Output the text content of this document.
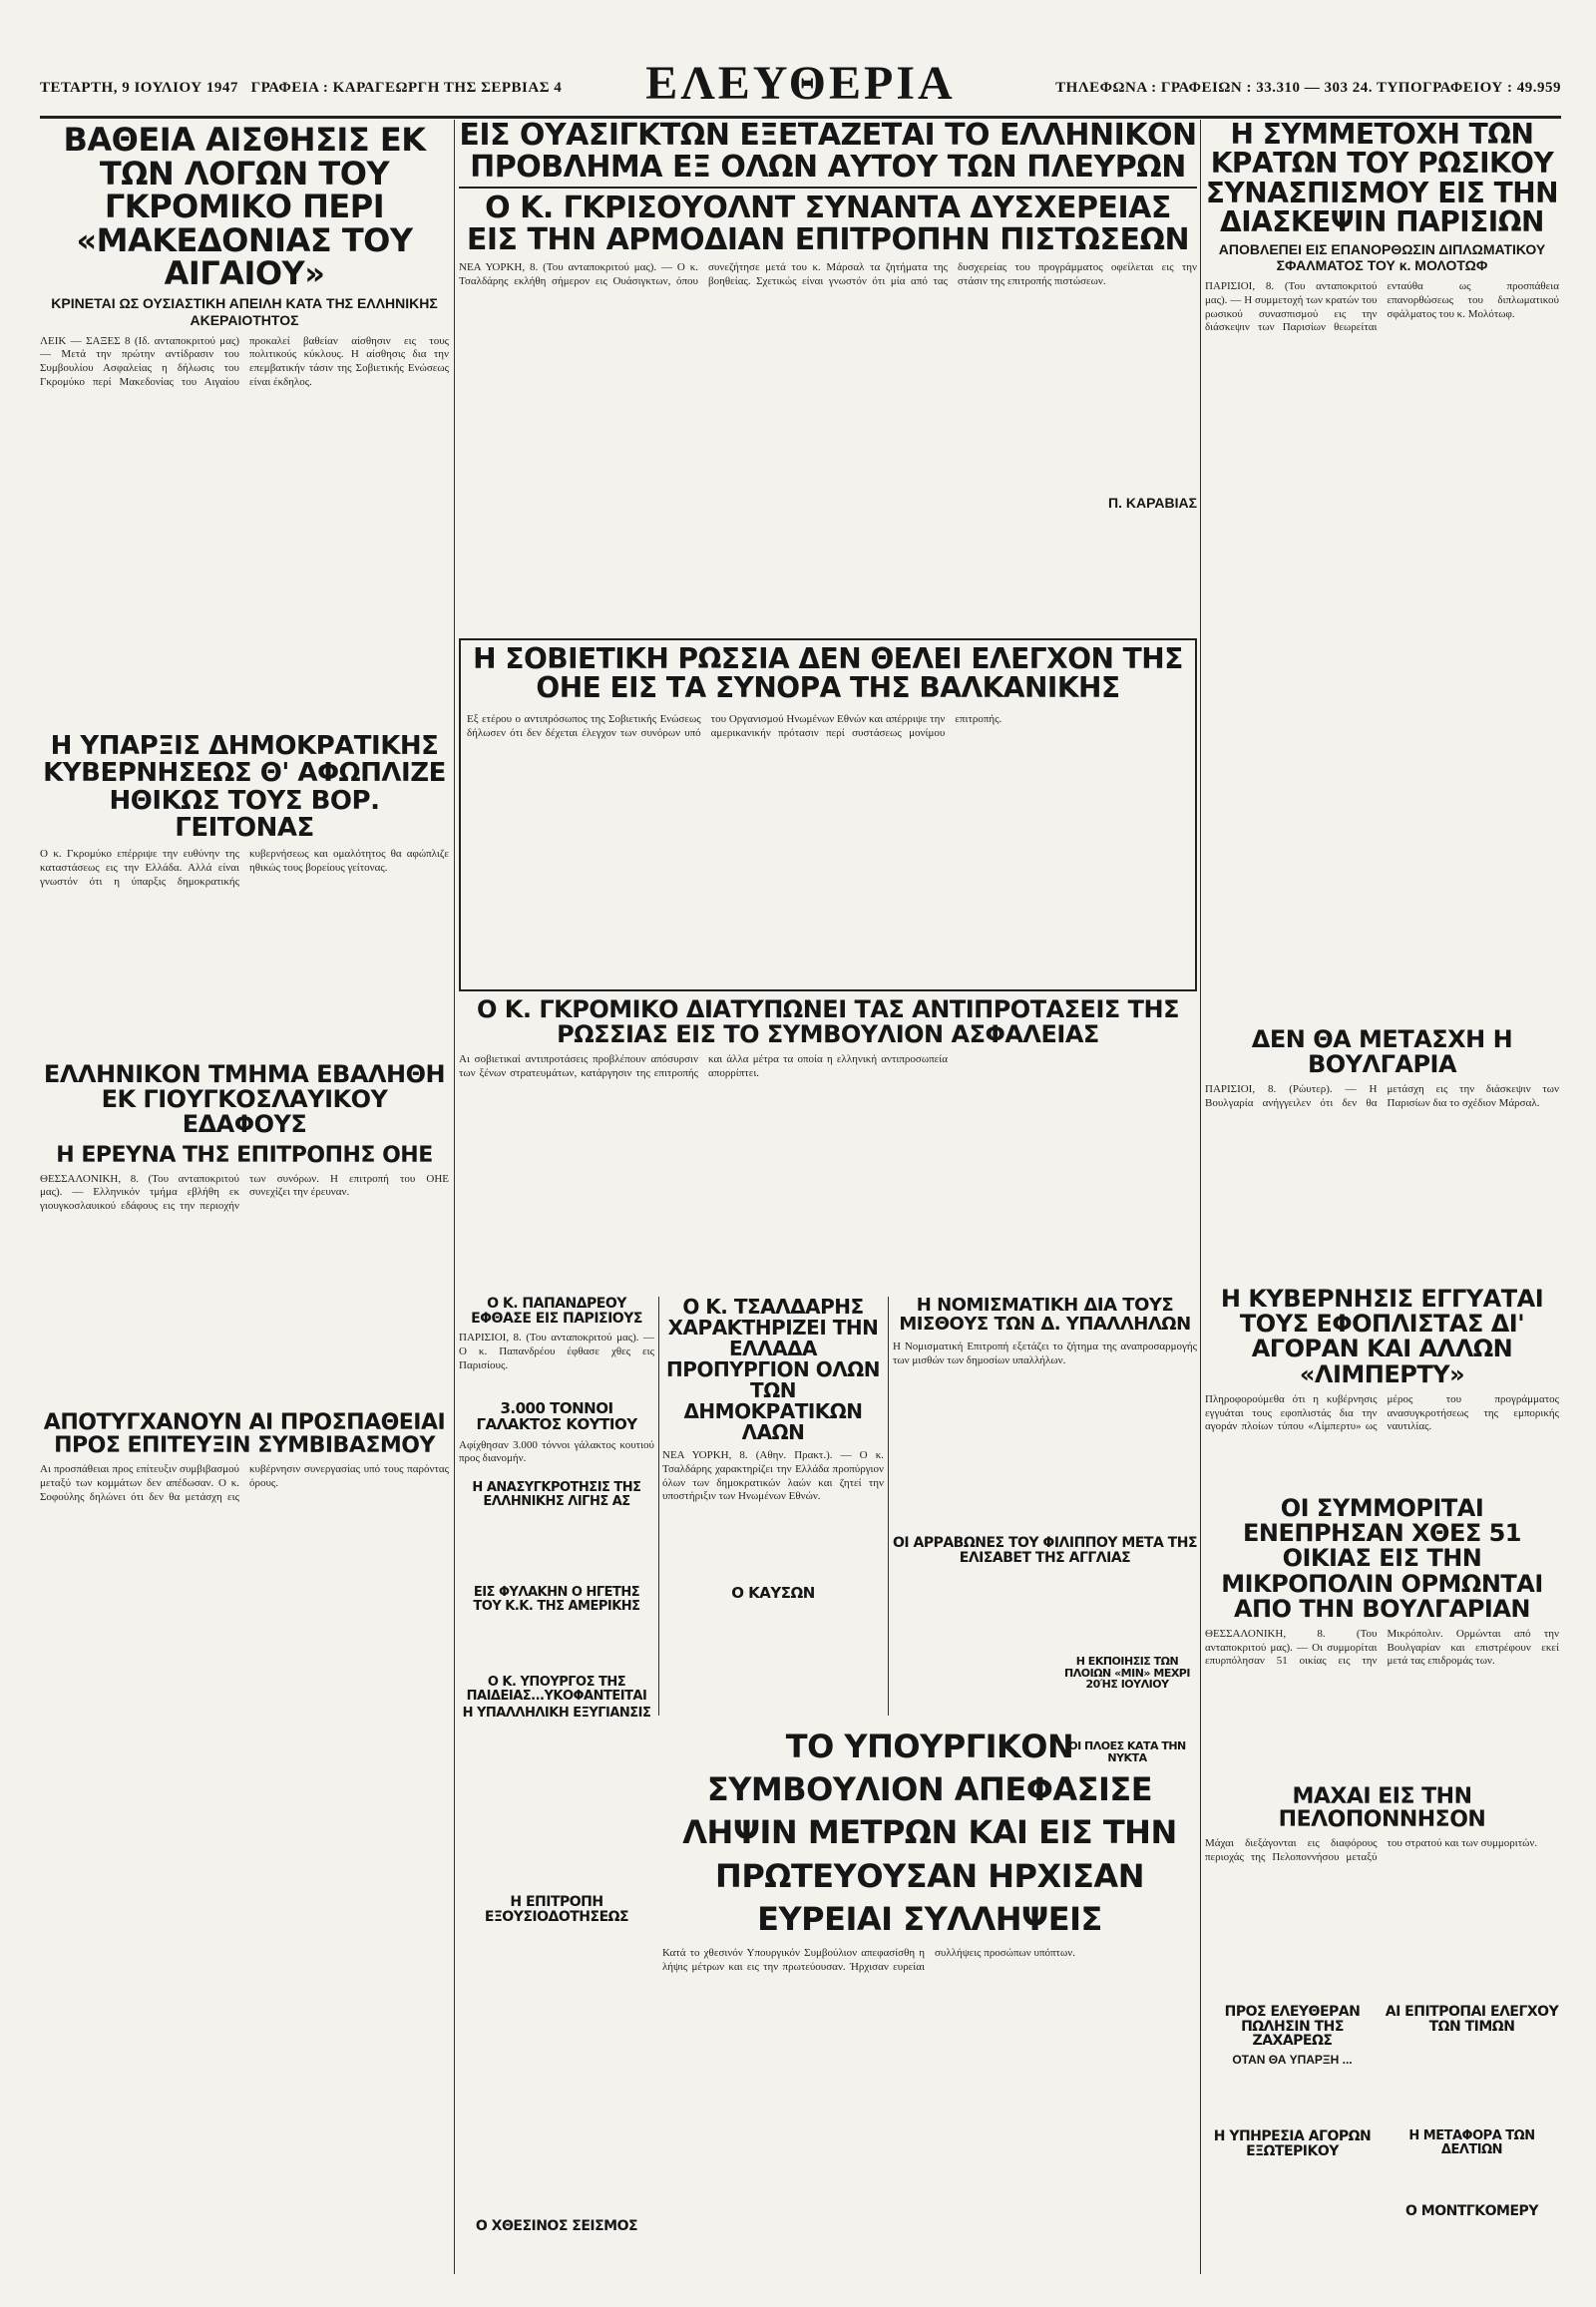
ΤΕΤΑΡΤΗ, 9 ΙΟΥΛΙΟΥ 1947 ΓΡΑΦΕΙΑ : ΚΑΡΑΓΕΩΡΓΗ ΤΗΣ ΣΕΡΒΙΑΣ 4	ΕΛΕΥΘΕΡΙΑ	ΤΗΛΕΦΩΝΑ : ΓΡΑΦΕΙΩΝ : 33.310 — 303 24. ΤΥΠΟΓΡΑΦΕΙΟΥ : 49.959
ΒΑΘΕΙΑ ΑΙΣΘΗΣΙΣ ΕΚ ΤΩΝ ΛΟΓΩΝ ΤΟΥ ΓΚΡΟΜΙΚΟ ΠΕΡΙ «ΜΑΚΕΔΟΝΙΑΣ ΤΟΥ ΑΙΓΑΙΟΥ»
ΚΡΙΝΕΤΑΙ ΩΣ ΟΥΣΙΑΣΤΙΚΗ ΑΠΕΙΛΗ ΚΑΤΑ ΤΗΣ ΕΛΛΗΝΙΚΗΣ ΑΚΕΡΑΙΟΤΗΤΟΣ

ΛΕΙΚ — ΣΑΞΕΣ 8 (Ιδ. ανταποκριτού μας) — Μετά την πρώτην αντίδρασιν του Συμβουλίου Ασφαλείας η δήλωσις του Γκρομύκο περί Μακεδονίας του Αιγαίου προκαλεί βαθείαν αίσθησιν εις τους πολιτικούς κύκλους. Η αίσθησις δια την επεμβατικήν τάσιν της Σοβιετικής Ενώσεως είναι έκδηλος.

ΕΙΣ ΟΥΑΣΙΓΚΤΩΝ ΕΞΕΤΑΖΕΤΑΙ ΤΟ ΕΛΛΗΝΙΚΟΝ
ΠΡΟΒΛΗΜΑ ΕΞ ΟΛΩΝ ΑΥΤΟΥ ΤΩΝ ΠΛΕΥΡΩΝ
Ο Κ. ΓΚΡΙΣΟΥΟΛΝΤ ΣΥΝΑΝΤΑ ΔΥΣΧΕΡΕΙΑΣ
ΕΙΣ ΤΗΝ ΑΡΜΟΔΙΑΝ ΕΠΙΤΡΟΠΗΝ ΠΙΣΤΩΣΕΩΝ

ΝΕΑ ΥΟΡΚΗ, 8. (Του ανταποκριτού μας). — Ο κ. Τσαλδάρης εκλήθη σήμερον εις Ουάσιγκτων, όπου συνεζήτησε μετά του κ. Μάρσαλ τα ζητήματα της βοηθείας. Σχετικώς είναι γνωστόν ότι μία από τας δυσχερείας του προγράμματος οφείλεται εις την στάσιν της επιτροπής πιστώσεων.

Π. ΚΑΡΑΒΙΑΣ
Η ΣΥΜΜΕΤΟΧΗ ΤΩΝ ΚΡΑΤΩΝ ΤΟΥ ΡΩΣΙΚΟΥ ΣΥΝΑΣΠΙΣΜΟΥ ΕΙΣ ΤΗΝ ΔΙΑΣΚΕΨΙΝ ΠΑΡΙΣΙΩΝ
ΑΠΟΒΛΕΠΕΙ ΕΙΣ ΕΠΑΝΟΡΘΩΣΙΝ ΔΙΠΛΩΜΑΤΙΚΟΥ ΣΦΑΛΜΑΤΟΣ ΤΟΥ κ. ΜΟΛΟΤΩΦ

ΠΑΡΙΣΙΟΙ, 8. (Του ανταποκριτού μας). — Η συμμετοχή των κρατών του ρωσικού συνασπισμού εις την διάσκεψιν των Παρισίων θεωρείται ενταύθα ως προσπάθεια επανορθώσεως του διπλωματικού σφάλματος του κ. Μολότωφ.

Η ΥΠΑΡΞΙΣ ΔΗΜΟΚΡΑΤΙΚΗΣ ΚΥΒΕΡΝΗΣΕΩΣ Θ' ΑΦΩΠΛΙΖΕ ΗΘΙΚΩΣ ΤΟΥΣ ΒΟΡ. ΓΕΙΤΟΝΑΣ

Ο κ. Γκρομύκο επέρριψε την ευθύνην της καταστάσεως εις την Ελλάδα. Αλλά είναι γνωστόν ότι η ύπαρξις δημοκρατικής κυβερνήσεως και ομαλότητος θα αφώπλιζε ηθικώς τους βορείους γείτονας.

Η ΣΟΒΙΕΤΙΚΗ ΡΩΣΣΙΑ ΔΕΝ ΘΕΛΕΙ ΕΛΕΓΧΟΝ ΤΗΣ ΟΗΕ ΕΙΣ ΤΑ ΣΥΝΟΡΑ ΤΗΣ ΒΑΛΚΑΝΙΚΗΣ

Εξ ετέρου ο αντιπρόσωπος της Σοβιετικής Ενώσεως δήλωσεν ότι δεν δέχεται έλεγχον των συνόρων υπό του Οργανισμού Ηνωμένων Εθνών και απέρριψε την αμερικανικήν πρότασιν περί συστάσεως μονίμου επιτροπής.

ΔΕΝ ΘΑ ΜΕΤΑΣΧΗ Η ΒΟΥΛΓΑΡΙΑ

ΠΑΡΙΣΙΟΙ, 8. (Ρώυτερ). — Η Βουλγαρία ανήγγειλεν ότι δεν θα μετάσχη εις την διάσκεψιν των Παρισίων δια το σχέδιον Μάρσαλ.

ΕΛΛΗΝΙΚΟΝ ΤΜΗΜΑ ΕΒΑΛΗΘΗ ΕΚ ΓΙΟΥΓΚΟΣΛΑΥΙΚΟΥ ΕΔΑΦΟΥΣ
Η ΕΡΕΥΝΑ ΤΗΣ ΕΠΙΤΡΟΠΗΣ ΟΗΕ

ΘΕΣΣΑΛΟΝΙΚΗ, 8. (Του ανταποκριτού μας). — Ελληνικόν τμήμα εβλήθη εκ γιουγκοσλαυικού εδάφους εις την περιοχήν των συνόρων. Η επιτροπή του ΟΗΕ συνεχίζει την έρευναν.

Ο Κ. ΓΚΡΟΜΙΚΟ ΔΙΑΤΥΠΩΝΕΙ ΤΑΣ ΑΝΤΙΠΡΟΤΑΣΕΙΣ ΤΗΣ ΡΩΣΣΙΑΣ ΕΙΣ ΤΟ ΣΥΜΒΟΥΛΙΟΝ ΑΣΦΑΛΕΙΑΣ

Αι σοβιετικαί αντιπροτάσεις προβλέπουν απόσυρσιν των ξένων στρατευμάτων, κατάργησιν της επιτροπής και άλλα μέτρα τα οποία η ελληνική αντιπροσωπεία απορρίπτει.

Η ΚΥΒΕΡΝΗΣΙΣ ΕΓΓΥΑΤΑΙ ΤΟΥΣ ΕΦΟΠΛΙΣΤΑΣ ΔΙ' ΑΓΟΡΑΝ ΚΑΙ ΑΛΛΩΝ «ΛΙΜΠΕΡΤΥ»

Πληροφορούμεθα ότι η κυβέρνησις εγγυάται τους εφοπλιστάς δια την αγοράν πλοίων τύπου «Λίμπερτυ» ως μέρος του προγράμματος ανασυγκροτήσεως της εμπορικής ναυτιλίας.

ΟΙ ΣΥΜΜΟΡΙΤΑΙ ΕΝΕΠΡΗΣΑΝ ΧΘΕΣ 51 ΟΙΚΙΑΣ ΕΙΣ ΤΗΝ ΜΙΚΡΟΠΟΛΙΝ ΟΡΜΩΝΤΑΙ ΑΠΟ ΤΗΝ ΒΟΥΛΓΑΡΙΑΝ

ΘΕΣΣΑΛΟΝΙΚΗ, 8. (Του ανταποκριτού μας). — Οι συμμορίται επυρπόλησαν 51 οικίας εις την Μικρόπολιν. Ορμώνται από την Βουλγαρίαν και επιστρέφουν εκεί μετά τας επιδρομάς των.

ΑΠΟΤΥΓΧΑΝΟΥΝ ΑΙ ΠΡΟΣΠΑΘΕΙΑΙ ΠΡΟΣ ΕΠΙΤΕΥΞΙΝ ΣΥΜΒΙΒΑΣΜΟΥ

Αι προσπάθειαι προς επίτευξιν συμβιβασμού μεταξύ των κομμάτων δεν απέδωσαν. Ο κ. Σοφούλης δηλώνει ότι δεν θα μετάσχη εις κυβέρνησιν συνεργασίας υπό τους παρόντας όρους.

Ο Κ. ΠΑΠΑΝΔΡΕΟΥ ΕΦΘΑΣΕ ΕΙΣ ΠΑΡΙΣΙΟΥΣ

ΠΑΡΙΣΙΟΙ, 8. (Του ανταποκριτού μας). — Ο κ. Παπανδρέου έφθασε χθες εις Παρισίους.

3.000 ΤΟΝΝΟΙ ΓΑΛΑΚΤΟΣ ΚΟΥΤΙΟΥ

Αφίχθησαν 3.000 τόννοι γάλακτος κουτιού προς διανομήν.

Η ΑΝΑΣΥΓΚΡΟΤΗΣΙΣ ΤΗΣ ΕΛΛΗΝΙΚΗΣ ΛΙΓΗΣ ΑΣ
ΕΙΣ ΦΥΛΑΚΗΝ Ο ΗΓΕΤΗΣ ΤΟΥ Κ.Κ. ΤΗΣ ΑΜΕΡΙΚΗΣ
Ο Κ. ΤΣΑΛΔΑΡΗΣ ΧΑΡΑΚΤΗΡΙΖΕΙ ΤΗΝ ΕΛΛΑΔΑ ΠΡΟΠΥΡΓΙΟΝ ΟΛΩΝ ΤΩΝ ΔΗΜΟΚΡΑΤΙΚΩΝ ΛΑΩΝ

ΝΕΑ ΥΟΡΚΗ, 8. (Αθην. Πρακτ.). — Ο κ. Τσαλδάρης χαρακτηρίζει την Ελλάδα προπύργιον όλων των δημοκρατικών λαών και ζητεί την υποστήριξιν των Ηνωμένων Εθνών.

Η ΝΟΜΙΣΜΑΤΙΚΗ ΔΙΑ ΤΟΥΣ ΜΙΣΘΟΥΣ ΤΩΝ Δ. ΥΠΑΛΛΗΛΩΝ

Η Νομισματική Επιτροπή εξετάζει το ζήτημα της αναπροσαρμογής των μισθών των δημοσίων υπαλλήλων.

ΟΙ ΑΡΡΑΒΩΝΕΣ ΤΟΥ ΦΙΛΙΠΠΟΥ ΜΕΤΑ ΤΗΣ ΕΛΙΣΑΒΕΤ ΤΗΣ ΑΓΓΛΙΑΣ
Ο ΚΑΥΣΩΝ
ΜΑΧΑΙ ΕΙΣ ΤΗΝ ΠΕΛΟΠΟΝΝΗΣΟΝ

Μάχαι διεξάγονται εις διαφόρους περιοχάς της Πελοποννήσου μεταξύ του στρατού και των συμμοριτών.

Ο Κ. ΥΠΟΥΡΓΟΣ ΤΗΣ ΠΑΙΔΕΙΑΣ...ΥΚΟΦΑΝΤΕΙΤΑΙ
Η ΥΠΑΛΛΗΛΙΚΗ ΕΞΥΓΙΑΝΣΙΣ
Η ΕΠΙΤΡΟΠΗ ΕΞΟΥΣΙΟΔΟΤΗΣΕΩΣ
Ο ΧΘΕΣΙΝΟΣ ΣΕΙΣΜΟΣ
ΤΟ ΥΠΟΥΡΓΙΚΟΝ ΣΥΜΒΟΥΛΙΟΝ ΑΠΕΦΑΣΙΣΕ ΛΗΨΙΝ ΜΕΤΡΩΝ ΚΑΙ ΕΙΣ ΤΗΝ ΠΡΩΤΕΥΟΥΣΑΝ ΗΡΧΙΣΑΝ ΕΥΡΕΙΑΙ ΣΥΛΛΗΨΕΙΣ

Κατά το χθεσινόν Υπουργικόν Συμβούλιον απεφασίσθη η λήψις μέτρων και εις την πρωτεύουσαν. Ήρχισαν ευρείαι συλλήψεις προσώπων υπόπτων.

Η ΕΚΠΟΙΗΣΙΣ ΤΩΝ ΠΛΟΙΩΝ «ΜΙΝ» ΜΕΧΡΙ 20ΉΣ ΙΟΥΛΙΟΥ
ΟΙ ΠΛΟΕΣ ΚΑΤΑ ΤΗΝ ΝΥΚΤΑ
ΠΡΟΣ ΕΛΕΥΘΕΡΑΝ ΠΩΛΗΣΙΝ ΤΗΣ ΖΑΧΑΡΕΩΣ
ΟΤΑΝ ΘΑ ΥΠΑΡΞΗ ...
ΑΙ ΕΠΙΤΡΟΠΑΙ ΕΛΕΓΧΟΥ ΤΩΝ ΤΙΜΩΝ
Η ΥΠΗΡΕΣΙΑ ΑΓΟΡΩΝ ΕΞΩΤΕΡΙΚΟΥ
Η ΜΕΤΑΦΟΡΑ ΤΩΝ ΔΕΛΤΙΩΝ
Ο ΜΟΝΤΓΚΟΜΕΡΥ
